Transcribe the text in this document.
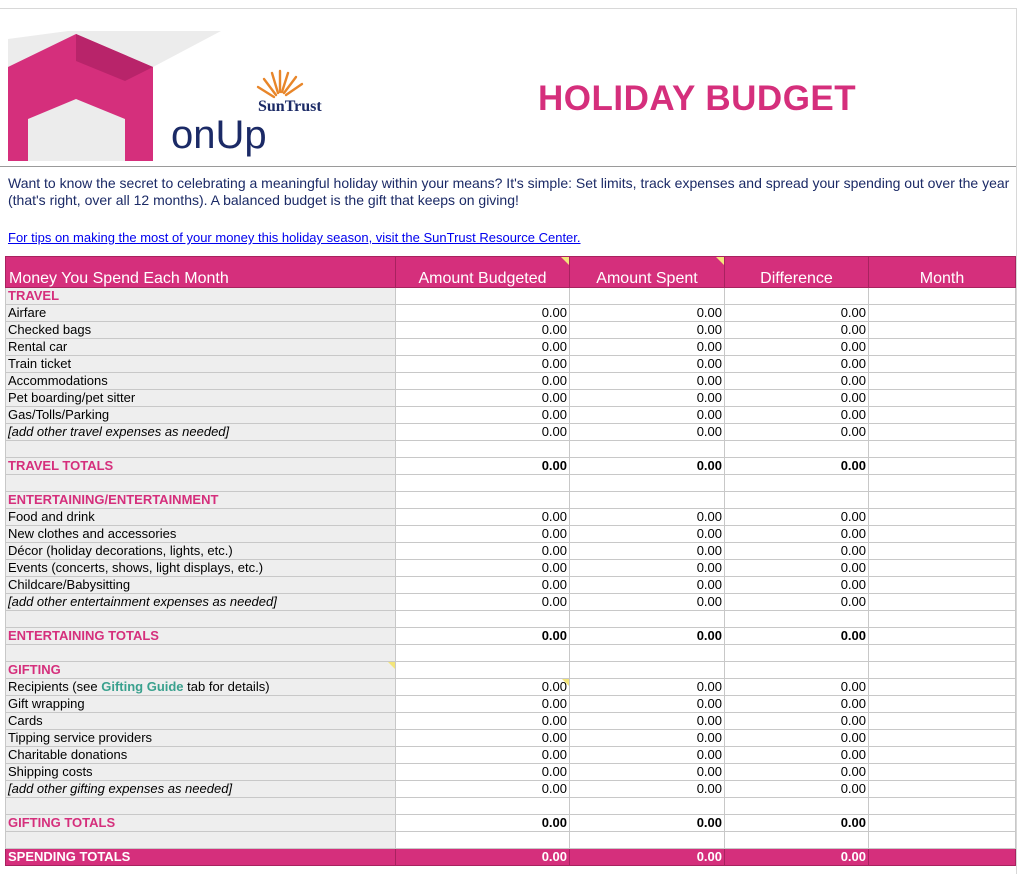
SunTrust
onUp
HOLIDAY BUDGET
Want to know the secret to celebrating a meaningful holiday within your means? It's simple: Set limits, track expenses and spread your spending out over the year (that's right, over all 12 months). A balanced budget is the gift that keeps on giving!
For tips on making the most of your money this holiday season, visit the SunTrust Resource Center.
Money You Spend Each Month	Amount Budgeted	Amount Spent	Difference	Month
TRAVEL				
Airfare	0.00	0.00	0.00	
Checked bags	0.00	0.00	0.00	
Rental car	0.00	0.00	0.00	
Train ticket	0.00	0.00	0.00	
Accommodations	0.00	0.00	0.00	
Pet boarding/pet sitter	0.00	0.00	0.00	
Gas/Tolls/Parking	0.00	0.00	0.00	
[add other travel expenses as needed]	0.00	0.00	0.00	

TRAVEL TOTALS	0.00	0.00	0.00	

ENTERTAINING/ENTERTAINMENT				
Food and drink	0.00	0.00	0.00	
New clothes and accessories	0.00	0.00	0.00	
Décor (holiday decorations, lights, etc.)	0.00	0.00	0.00	
Events (concerts, shows, light displays, etc.)	0.00	0.00	0.00	
Childcare/Babysitting	0.00	0.00	0.00	
[add other entertainment expenses as needed]	0.00	0.00	0.00	

ENTERTAINING TOTALS	0.00	0.00	0.00	

GIFTING

Recipients (see Gifting Guide tab for details)	0.00	0.00	0.00	
Gift wrapping	0.00	0.00	0.00	
Cards	0.00	0.00	0.00	
Tipping service providers	0.00	0.00	0.00	
Charitable donations	0.00	0.00	0.00	
Shipping costs	0.00	0.00	0.00	
[add other gifting expenses as needed]	0.00	0.00	0.00	

GIFTING TOTALS	0.00	0.00	0.00	

SPENDING TOTALS	0.00	0.00	0.00	
